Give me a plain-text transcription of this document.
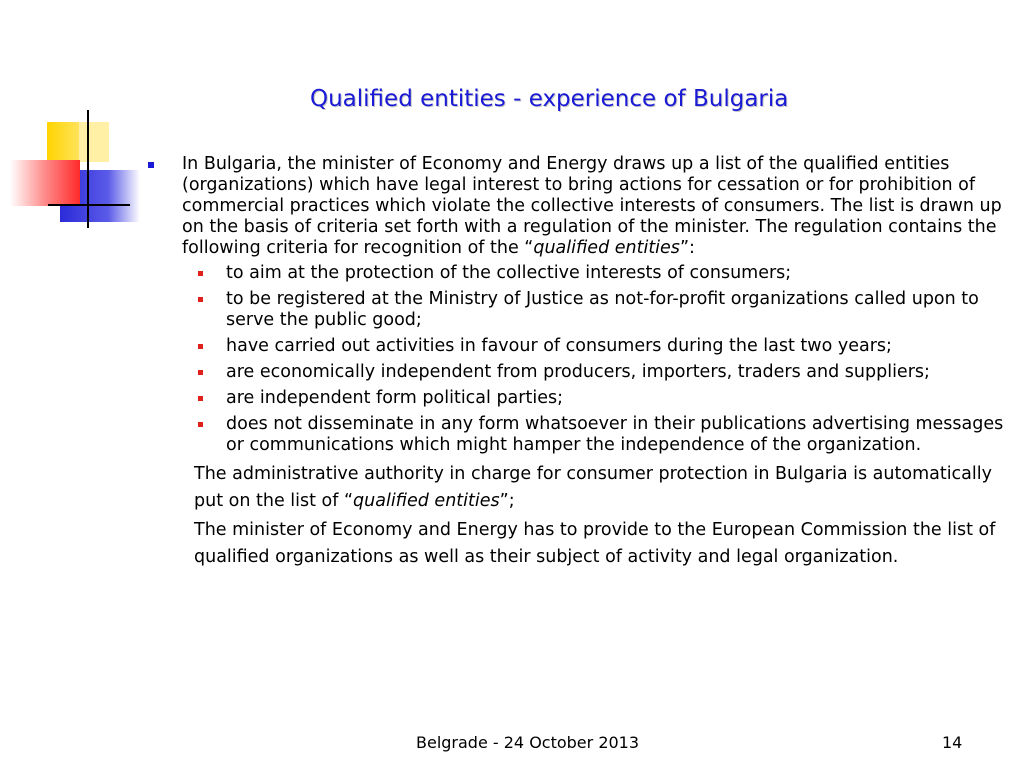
Qualified entities - experience of Bulgaria
In Bulgaria, the minister of Economy and Energy draws up a list of the qualified entities (organizations) which have legal interest to bring actions for cessation or for prohibition of commercial practices which violate the collective interests of consumers. The list is drawn up on the basis of criteria set forth with a regulation of the minister. The regulation contains the following criteria for recognition of the “qualified entities”:
to aim at the protection of the collective interests of consumers;
to be registered at the Ministry of Justice as not-for-profit organizations called upon to serve the public good;
have carried out activities in favour of consumers during the last two years;
are economically independent from producers, importers, traders and suppliers;
are independent form political parties;
does not disseminate in any form whatsoever in their publications advertising messages or communications which might hamper the independence of the organization.
The administrative authority in charge for consumer protection in Bulgaria is automatically put on the list of “qualified entities”;
The minister of Economy and Energy has to provide to the European Commission the list of qualified organizations as well as their subject of activity and legal organization.
Belgrade - 24 October 2013	14
